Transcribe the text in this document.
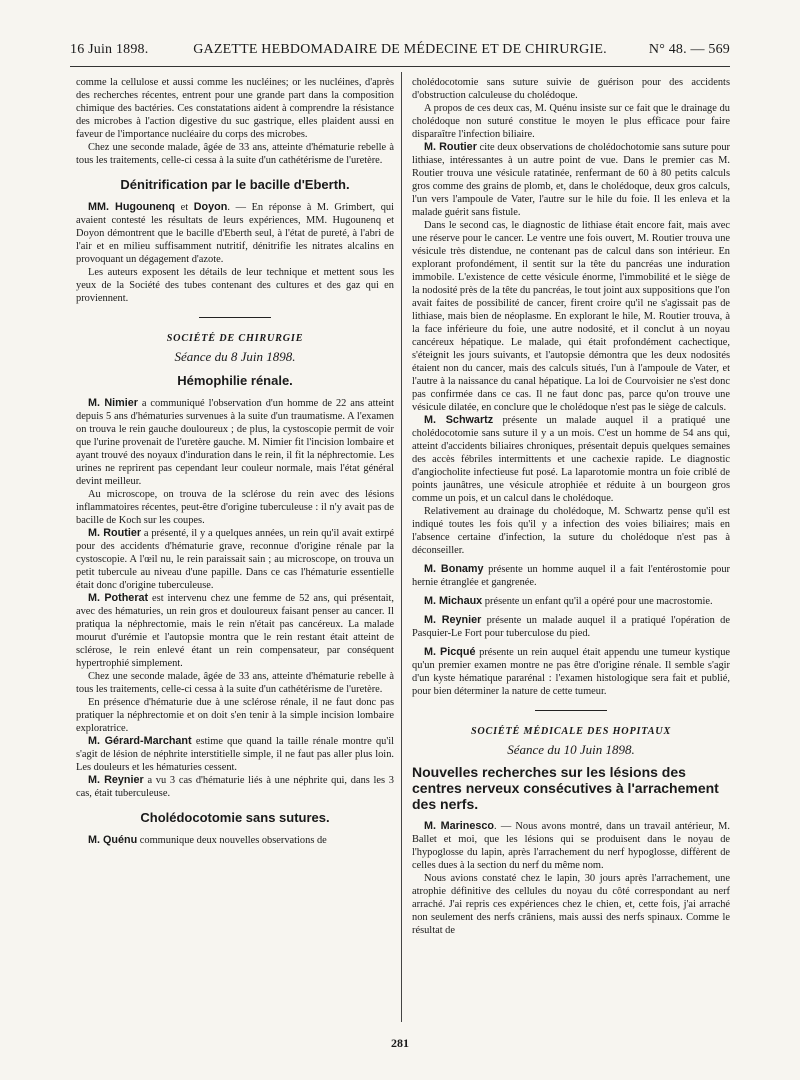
16 Juin 1898.	GAZETTE HEBDOMADAIRE DE MÉDECINE ET DE CHIRURGIE.	N° 48. — 569

comme la cellulose et aussi comme les nucléines; or les nucléines, d'après des recherches récentes, entrent pour une grande part dans la composition chimique des bactéries. Ces constatations aident à comprendre la résistance des microbes à l'action digestive du suc gastrique, elles plaident aussi en faveur de l'importance nucléaire du corps des microbes.

Chez une seconde malade, âgée de 33 ans, atteinte d'hématurie rebelle à tous les traitements, celle-ci cessa à la suite d'un cathétérisme de l'uretère.

Dénitrification par le bacille d'Eberth.

MM. Hugounenq et Doyon. — En réponse à M. Grimbert, qui avaient contesté les résultats de leurs expériences, MM. Hugounenq et Doyon démontrent que le bacille d'Eberth seul, à l'état de pureté, à l'abri de l'air et en milieu suffisamment nutritif, dénitrifie les nitrates alcalins en provoquant un dégagement d'azote.

Les auteurs exposent les détails de leur technique et mettent sous les yeux de la Société des tubes contenant des cultures et des gaz qui en proviennent.

SOCIÉTÉ DE CHIRURGIE
Séance du 8 Juin 1898.
Hémophilie rénale.

M. Nimier a communiqué l'observation d'un homme de 22 ans atteint depuis 5 ans d'hématuries survenues à la suite d'un traumatisme. A l'examen on trouva le rein gauche douloureux ; de plus, la cystoscopie permit de voir que l'urine provenait de l'uretère gauche. M. Nimier fit l'incision lombaire et ayant trouvé des noyaux d'induration dans le rein, il fit la néphrectomie. Les urines ne reprirent pas cependant leur couleur normale, mais l'état général devint meilleur.

Au microscope, on trouva de la sclérose du rein avec des lésions inflammatoires récentes, peut-être d'origine tuberculeuse : il n'y avait pas de bacille de Koch sur les coupes.

M. Routier a présenté, il y a quelques années, un rein qu'il avait extirpé pour des accidents d'hématurie grave, reconnue d'origine rénale par la cystoscopie. A l'œil nu, le rein paraissait sain ; au microscope, on trouva un petit tubercule au niveau d'une papille. Dans ce cas l'hématurie essentielle était donc d'origine tuberculeuse.

M. Potherat est intervenu chez une femme de 52 ans, qui présentait, avec des hématuries, un rein gros et douloureux faisant penser au cancer. Il pratiqua la néphrectomie, mais le rein n'était pas cancéreux. La malade mourut d'urémie et l'autopsie montra que le rein restant était atteint de sclérose, le rein enlevé étant un rein compensateur, par conséquent hypertrophié simplement.

Chez une seconde malade, âgée de 33 ans, atteinte d'hématurie rebelle à tous les traitements, celle-ci cessa à la suite d'un cathétérisme de l'uretère.

En présence d'hématurie due à une sclérose rénale, il ne faut donc pas pratiquer la néphrectomie et on doit s'en tenir à la simple incision lombaire exploratrice.

M. Gérard-Marchant estime que quand la taille rénale montre qu'il s'agit de lésion de néphrite interstitielle simple, il ne faut pas aller plus loin. Les douleurs et les hématuries cessent.

M. Reynier a vu 3 cas d'hématurie liés à une néphrite qui, dans les 3 cas, était tuberculeuse.

Cholédocotomie sans sutures.

M. Quénu communique deux nouvelles observations de

cholédocotomie sans suture suivie de guérison pour des accidents d'obstruction calculeuse du cholédoque.

A propos de ces deux cas, M. Quénu insiste sur ce fait que le drainage du cholédoque non suturé constitue le moyen le plus efficace pour faire disparaître l'infection biliaire.

M. Routier cite deux observations de cholédochotomie sans suture pour lithiase, intéressantes à un autre point de vue. Dans le premier cas M. Routier trouva une vésicule ratatinée, renfermant de 60 à 80 petits calculs gros comme des grains de plomb, et, dans le cholédoque, deux gros calculs, l'un vers l'ampoule de Vater, l'autre sur le hile du foie. Il les enleva et la malade guérit sans fistule.

Dans le second cas, le diagnostic de lithiase était encore fait, mais avec une réserve pour le cancer. Le ventre une fois ouvert, M. Routier trouva une vésicule très distendue, ne contenant pas de calcul dans son intérieur. En explorant profondément, il sentit sur la tête du pancréas une induration immobile. L'existence de cette vésicule énorme, l'immobilité et le siège de la nodosité près de la tête du pancréas, le tout joint aux suppositions que l'on avait faites de possibilité de cancer, firent croire qu'il ne s'agissait pas de lithiase, mais bien de néoplasme. En explorant le hile, M. Routier trouva, à la face inférieure du foie, une autre nodosité, et il conclut à un noyau cancéreux hépatique. Le malade, qui était profondément cachectique, s'éteignit les jours suivants, et l'autopsie démontra que les deux nodosités étaient non du cancer, mais des calculs situés, l'un à l'ampoule de Vater, et l'autre à la naissance du canal hépatique. La loi de Courvoisier ne s'est donc pas confirmée dans ce cas. Il ne faut donc pas, parce qu'on trouve une vésicule dilatée, en conclure que le cholédoque n'est pas le siège de calculs.

M. Schwartz présente un malade auquel il a pratiqué une cholédocotomie sans suture il y a un mois. C'est un homme de 54 ans qui, atteint d'accidents biliaires chroniques, présentait depuis quelques semaines des accès fébriles intermittents et une cachexie rapide. Le diagnostic d'angiocholite infectieuse fut posé. La laparotomie montra un foie criblé de points jaunâtres, une vésicule atrophiée et réduite à un bourgeon gros comme un pois, et un calcul dans le cholédoque.

Relativement au drainage du cholédoque, M. Schwartz pense qu'il est indiqué toutes les fois qu'il y a infection des voies biliaires; mais en l'absence certaine d'infection, la suture du cholédoque n'est pas à déconseiller.

M. Bonamy présente un homme auquel il a fait l'entérostomie pour hernie étranglée et gangrenée.

M. Michaux présente un enfant qu'il a opéré pour une macrostomie.

M. Reynier présente un malade auquel il a pratiqué l'opération de Pasquier-Le Fort pour tuberculose du pied.

M. Picqué présente un rein auquel était appendu une tumeur kystique qu'un premier examen montre ne pas être d'origine rénale. Il semble s'agir d'un kyste hématique pararénal : l'examen histologique sera fait et publié, pour bien déterminer la nature de cette tumeur.

SOCIÉTÉ MÉDICALE DES HOPITAUX
Séance du 10 Juin 1898.
Nouvelles recherches sur les lésions des centres nerveux consécutives à l'arrachement des nerfs.

M. Marinesco. — Nous avons montré, dans un travail antérieur, M. Ballet et moi, que les lésions qui se produisent dans le noyau de l'hypoglosse du lapin, après l'arrachement du nerf hypoglosse, diffèrent de celles dues à la section du nerf du même nom.

Nous avions constaté chez le lapin, 30 jours après l'arrachement, une atrophie définitive des cellules du noyau du côté correspondant au nerf arraché. J'ai repris ces expériences chez le chien, et, cette fois, j'ai arraché non seulement des nerfs crâniens, mais aussi des nerfs spinaux. Comme le résultat de

281
